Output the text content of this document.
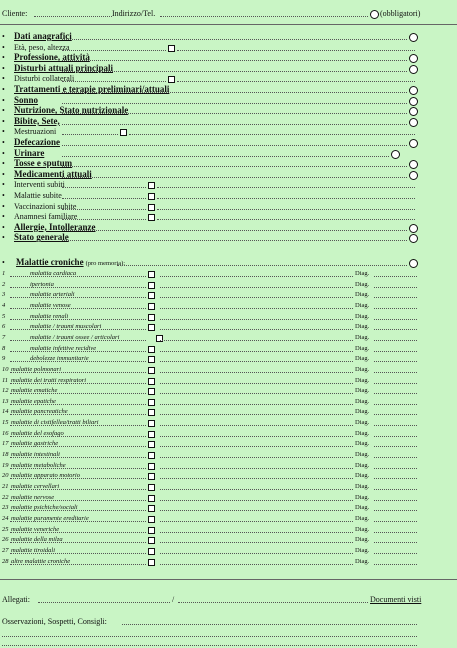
Cliente:	Indirizzo/Tel.	(obbligatori)
• Dati anagrafici
• Età, peso, altezza
• Professione, attività
• Disturbi attuali principali
• Disturbi collaterali
• Trattamenti e terapie preliminari/attuali
• Sonno
• Nutrizione, Stato nutrizionale
• Bibite, Sete,
• Mestruazioni
• Defecazione
• Urinare
• Tosse e sputum
• Medicamenti attuali
• Interventi subiti
• Malattie subite
• Vaccinazioni subite
• Anamnesi familiare
• Allergie, Intolleranze
• Stato generale
• Malattie croniche (pro memoria):
1	malattia cardiaca	Diag.
2	ipertonia	Diag.
3	malattie arteriali	Diag.
4	malattie venose	Diag.
5	malattie renali	Diag.
6	malattie / traumi muscolari	Diag.
7	malattie / traumi ossee / articolari	Diag.
8	malattie infettive recidive	Diag.
9	debolezze immunitarie	Diag.
10 malattie polmonari	Diag.
11 malattie dei tratti respiratori	Diag.
12 malattie ematiche	Diag.
13 malattie epatiche	Diag.
14 malattie pancreatiche	Diag.
15 malattie di cistifellea/tratti biliari	Diag.
16 malattie del esofago	Diag.
17 malattie gastriche	Diag.
18 malattie intestinali	Diag.
19 malattie metaboliche	Diag.
20 malattie apparato motorio	Diag.
21 malattie cervellari	Diag.
22 malattie nervose	Diag.
23 malattie psichiche/sociali	Diag.
24 malattie puramente ereditarie	Diag.
25 malattie veneriche	Diag.
26 malattie della milza	Diag.
27 malattie tiroidali	Diag.
28 altre malattie croniche	Diag.
Allegati:	/	Documenti visti
Osservazioni, Sospetti, Consigli:
